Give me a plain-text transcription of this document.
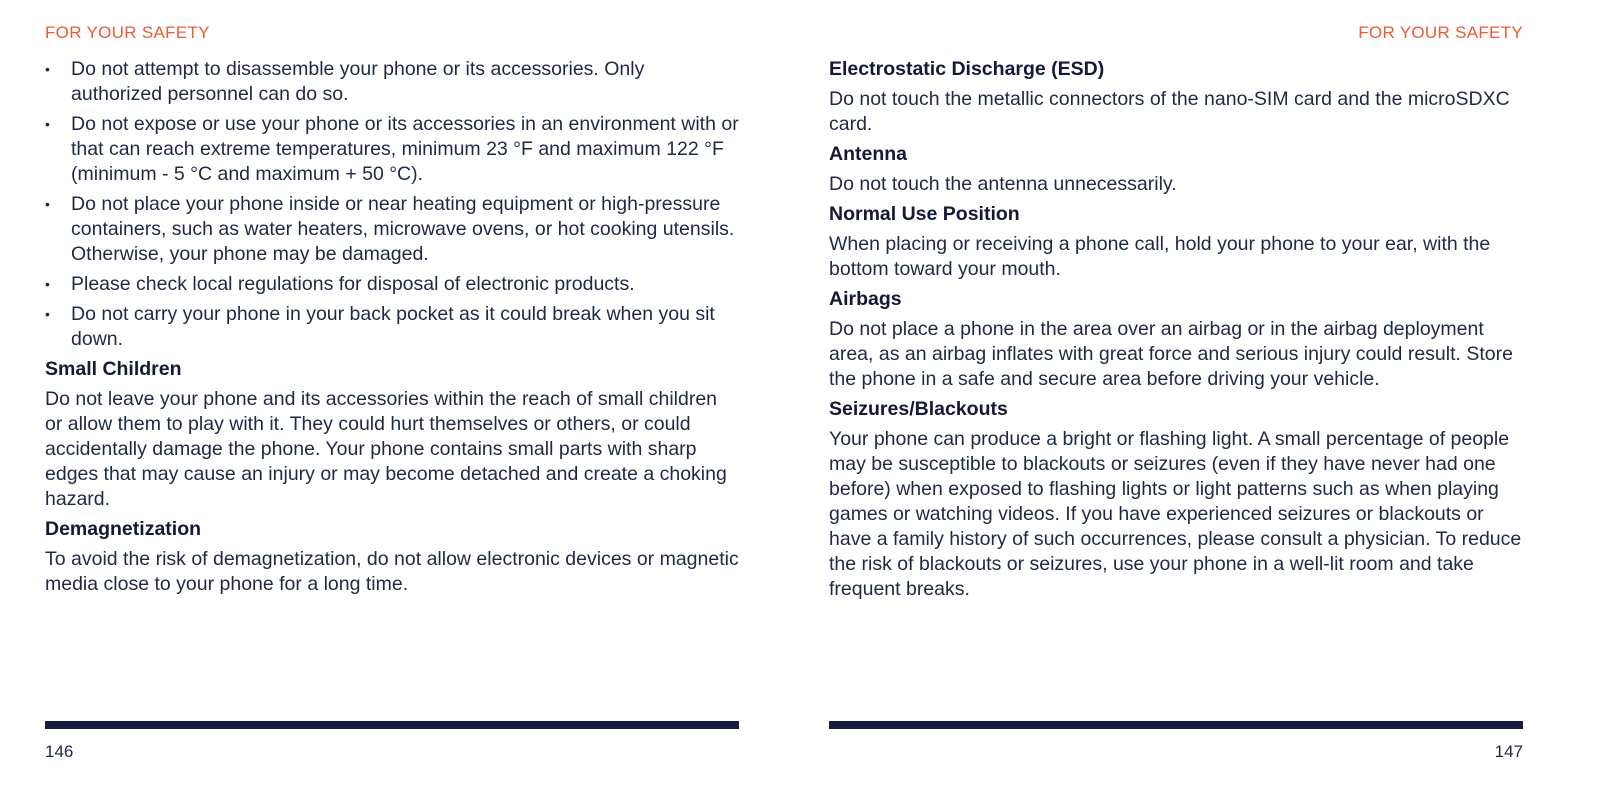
FOR YOUR SAFETY
• Do not attempt to disassemble your phone or its accessories. Only authorized personnel can do so.
• Do not expose or use your phone or its accessories in an environment with or that can reach extreme temperatures, minimum 23 °F and maximum 122 °F (minimum - 5 °C and maximum + 50 °C).
• Do not place your phone inside or near heating equipment or high-pressure containers, such as water heaters, microwave ovens, or hot cooking utensils. Otherwise, your phone may be damaged.
• Please check local regulations for disposal of electronic products.
• Do not carry your phone in your back pocket as it could break when you sit down.
Small Children

Do not leave your phone and its accessories within the reach of small children or allow them to play with it. They could hurt themselves or others, or could accidentally damage the phone. Your phone contains small parts with sharp edges that may cause an injury or may become detached and create a choking hazard.

Demagnetization

To avoid the risk of demagnetization, do not allow electronic devices or magnetic media close to your phone for a long time.

146
FOR YOUR SAFETY
Electrostatic Discharge (ESD)

Do not touch the metallic connectors of the nano-SIM card and the microSDXC card.

Antenna

Do not touch the antenna unnecessarily.

Normal Use Position

When placing or receiving a phone call, hold your phone to your ear, with the bottom toward your mouth.

Airbags

Do not place a phone in the area over an airbag or in the airbag deployment area, as an airbag inflates with great force and serious injury could result. Store the phone in a safe and secure area before driving your vehicle.

Seizures/Blackouts

Your phone can produce a bright or flashing light. A small percentage of people may be susceptible to blackouts or seizures (even if they have never had one before) when exposed to flashing lights or light patterns such as when playing games or watching videos. If you have experienced seizures or blackouts or have a family history of such occurrences, please consult a physician. To reduce the risk of blackouts or seizures, use your phone in a well-lit room and take frequent breaks.

147
